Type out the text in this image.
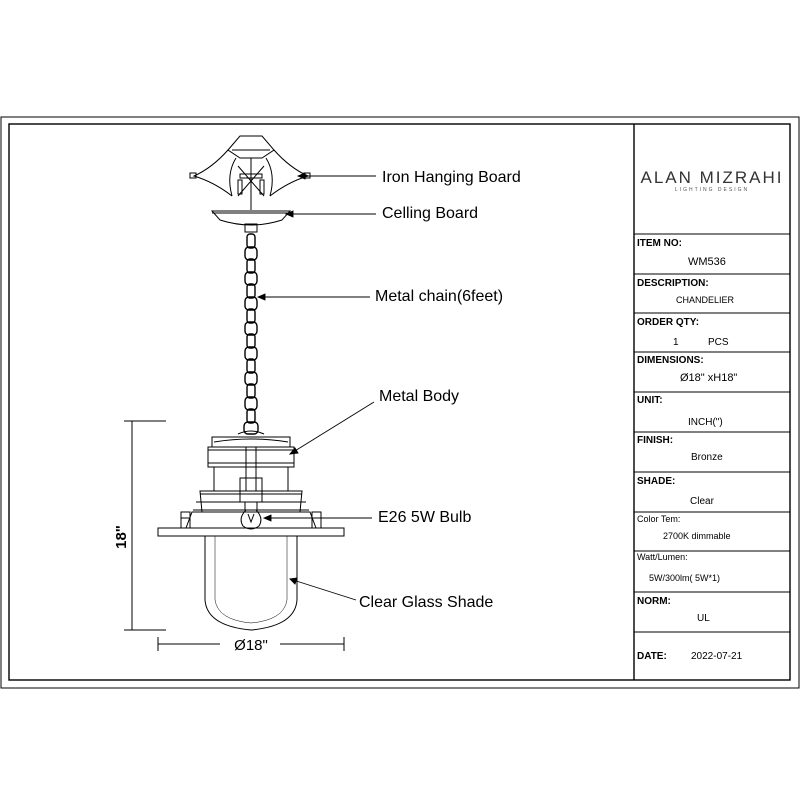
18"
Ø18"
Iron Hanging Board
Celling Board
Metal chain(6feet)
Metal Body
E26 5W Bulb
Clear Glass Shade
ALAN MIZRAHI
LIGHTING DESIGN
ITEM NO:
WM536
DESCRIPTION:
CHANDELIER
ORDER QTY:
1	PCS
DIMENSIONS:
Ø18" xH18"
UNIT:
INCH(")
FINISH:
Bronze
SHADE:
Clear
Color Tem:
2700K dimmable
Watt/Lumen:
5W/300lm( 5W*1)
NORM:
UL
DATE: 2022-07-21
